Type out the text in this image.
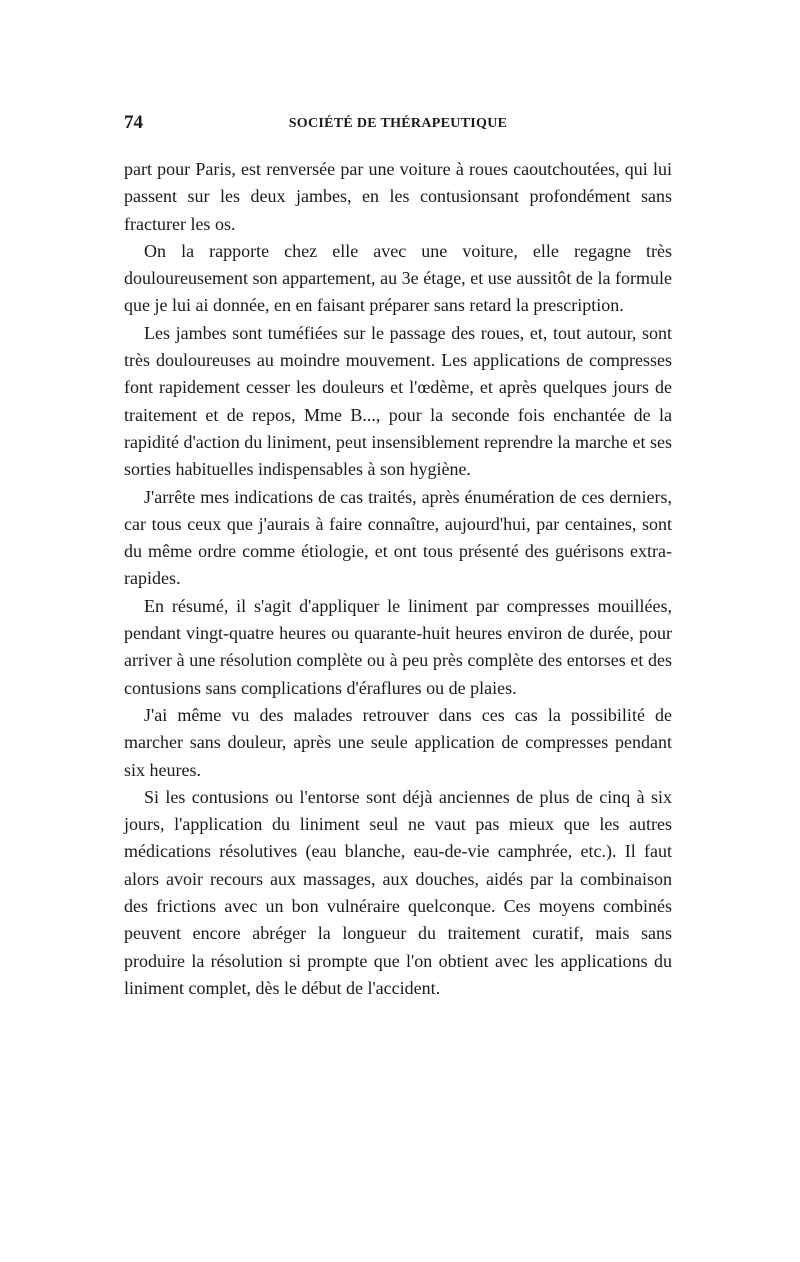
74	SOCIÉTÉ DE THÉRAPEUTIQUE

part pour Paris, est renversée par une voiture à roues caoutchoutées, qui lui passent sur les deux jambes, en les contusionsant profondément sans fracturer les os.

On la rapporte chez elle avec une voiture, elle regagne très douloureusement son appartement, au 3e étage, et use aussitôt de la formule que je lui ai donnée, en en faisant préparer sans retard la prescription.

Les jambes sont tuméfiées sur le passage des roues, et, tout autour, sont très douloureuses au moindre mouvement. Les applications de compresses font rapidement cesser les douleurs et l'œdème, et après quelques jours de traitement et de repos, Mme B..., pour la seconde fois enchantée de la rapidité d'action du liniment, peut insensiblement reprendre la marche et ses sorties habituelles indispensables à son hygiène.

J'arrête mes indications de cas traités, après énumération de ces derniers, car tous ceux que j'aurais à faire connaître, aujourd'hui, par centaines, sont du même ordre comme étiologie, et ont tous présenté des guérisons extra-rapides.

En résumé, il s'agit d'appliquer le liniment par compresses mouillées, pendant vingt-quatre heures ou quarante-huit heures environ de durée, pour arriver à une résolution complète ou à peu près complète des entorses et des contusions sans complications d'éraflures ou de plaies.

J'ai même vu des malades retrouver dans ces cas la possibilité de marcher sans douleur, après une seule application de compresses pendant six heures.

Si les contusions ou l'entorse sont déjà anciennes de plus de cinq à six jours, l'application du liniment seul ne vaut pas mieux que les autres médications résolutives (eau blanche, eau-de-vie camphrée, etc.). Il faut alors avoir recours aux massages, aux douches, aidés par la combinaison des frictions avec un bon vulnéraire quelconque. Ces moyens combinés peuvent encore abréger la longueur du traitement curatif, mais sans produire la résolution si prompte que l'on obtient avec les applications du liniment complet, dès le début de l'accident.
